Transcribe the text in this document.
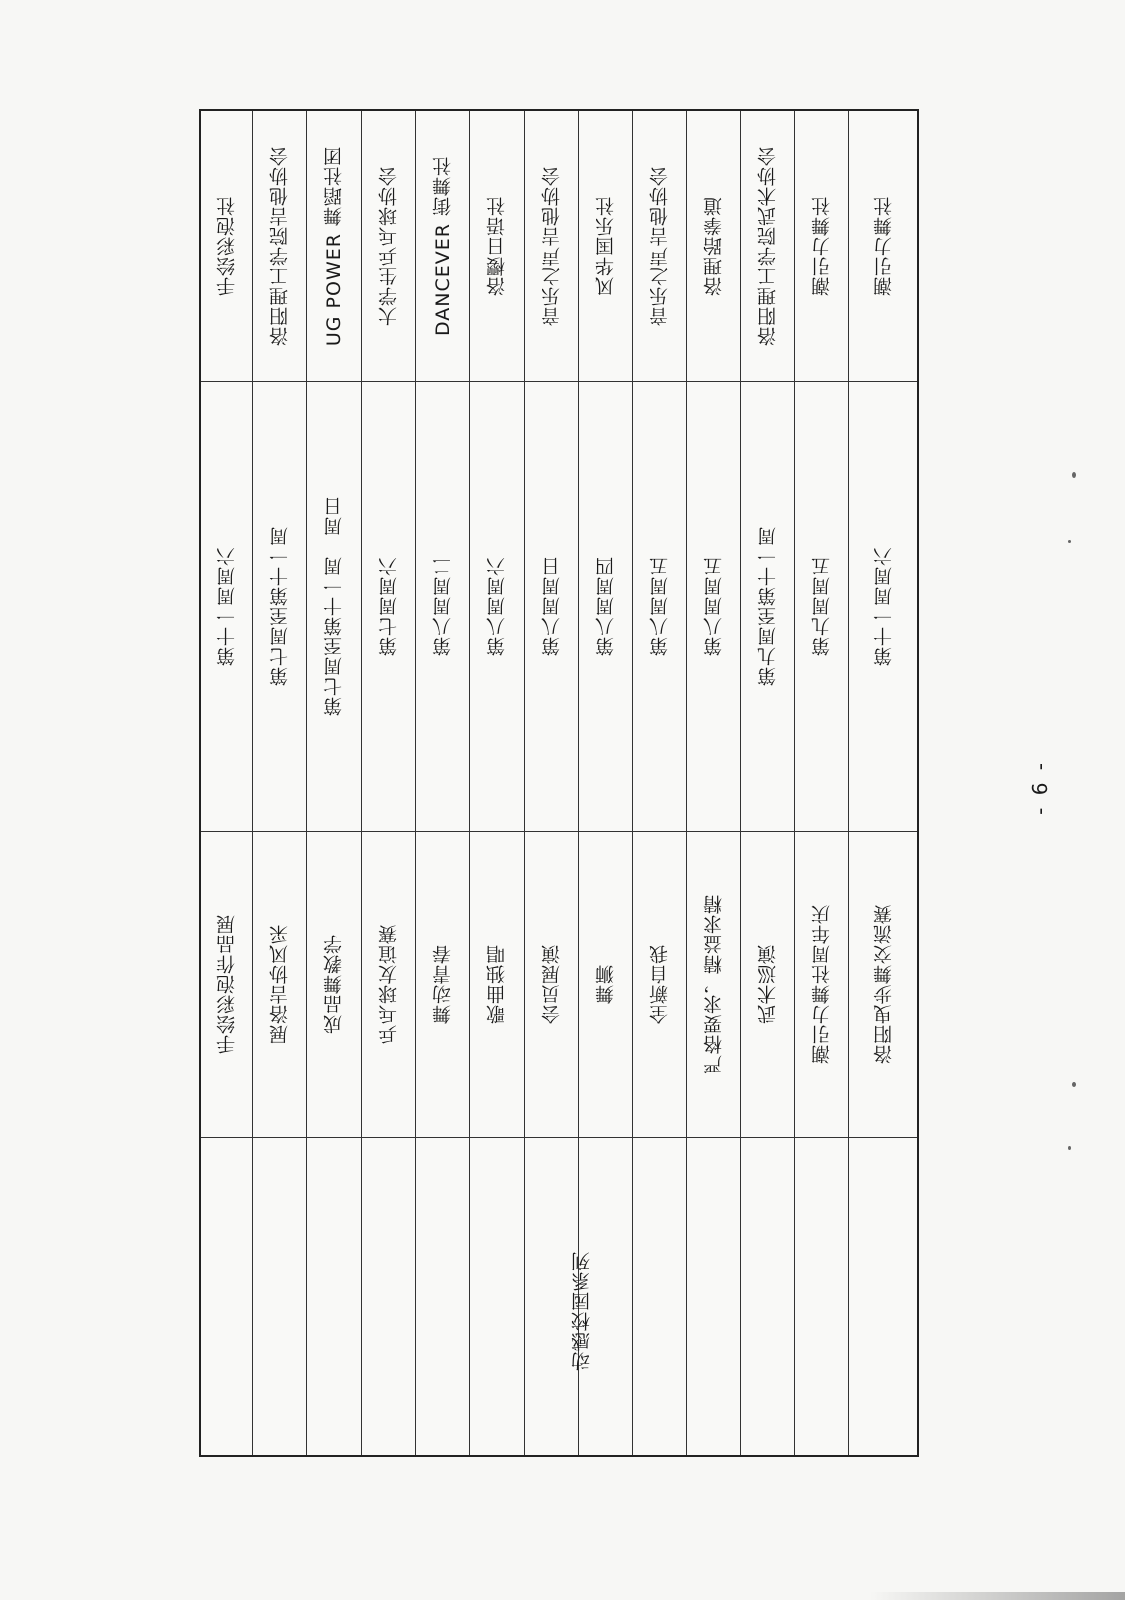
动感校园系列
手绘彩泡作品展
第十一周周六
手绘彩泡社
展洛吉协风采
第七周至第十一周
洛阳理工学院吉他协会
成品舞教学
第七周至第十一周　周日
UG POWER 舞蹈社团
乒乓球友谊赛
第七周周六
大学生乒乓球协会
舞动青春
第八周周二
DANCEVER 街舞社
歌曲独唱
第八周周六
洛樱日语社
会员展演
第八周周日
音乐之声吉他协会
舞狮
第八周周四
风华国乐社
全新自我
第八周周五
音乐之声吉他协会
严格要求，精益求精
第八周周五
洛理跆拳道
武术巡演
第九周至第十一周
洛阳理工学院武术协会
潮引力舞社周年庆
第九周周五
潮引力舞社
洛阳曳步舞交流赛
第十一周周六
潮引力舞社
- 6 -
